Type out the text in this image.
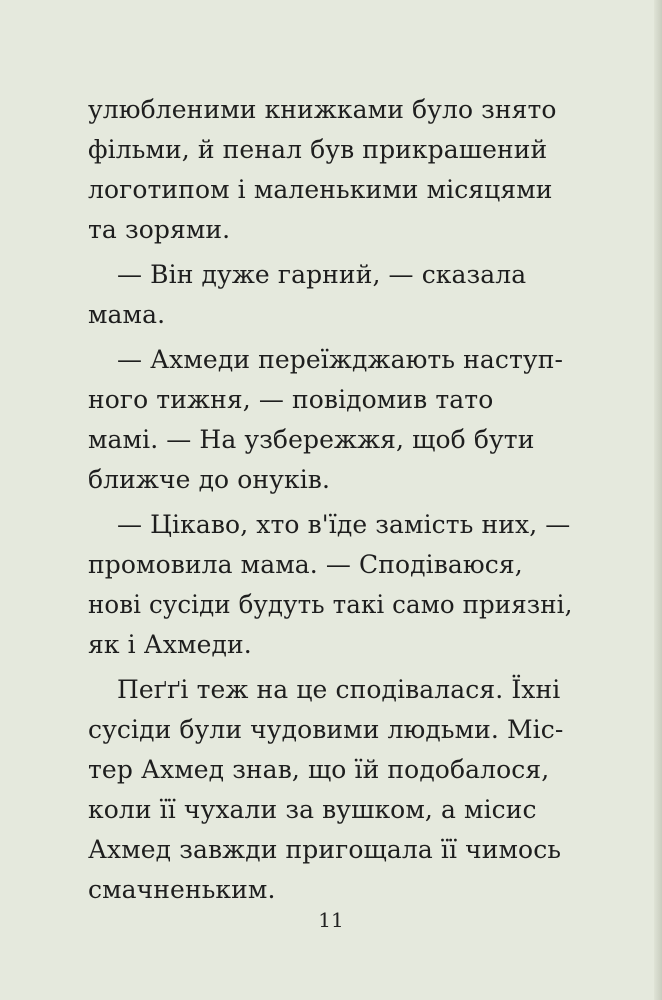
улюбленими книжками було знято
фільми, й пенал був прикрашений
логотипом і маленькими місяцями
та зорями.
— Він дуже гарний, — сказала
мама.
— Ахмеди переїжджають наступ-
ного тижня, — повідомив тато
мамі. — На узбережжя, щоб бути
ближче до онуків.
— Цікаво, хто в'їде замість них, —
промовила мама. — Сподіваюся,
нові сусіди будуть такі само приязні,
як і Ахмеди.
Пеґґі теж на це сподівалася. Їхні
сусіди були чудовими людьми. Міс-
тер Ахмед знав, що їй подобалося,
коли її чухали за вушком, а місис
Ахмед завжди пригощала її чимось
смачненьким.
11
